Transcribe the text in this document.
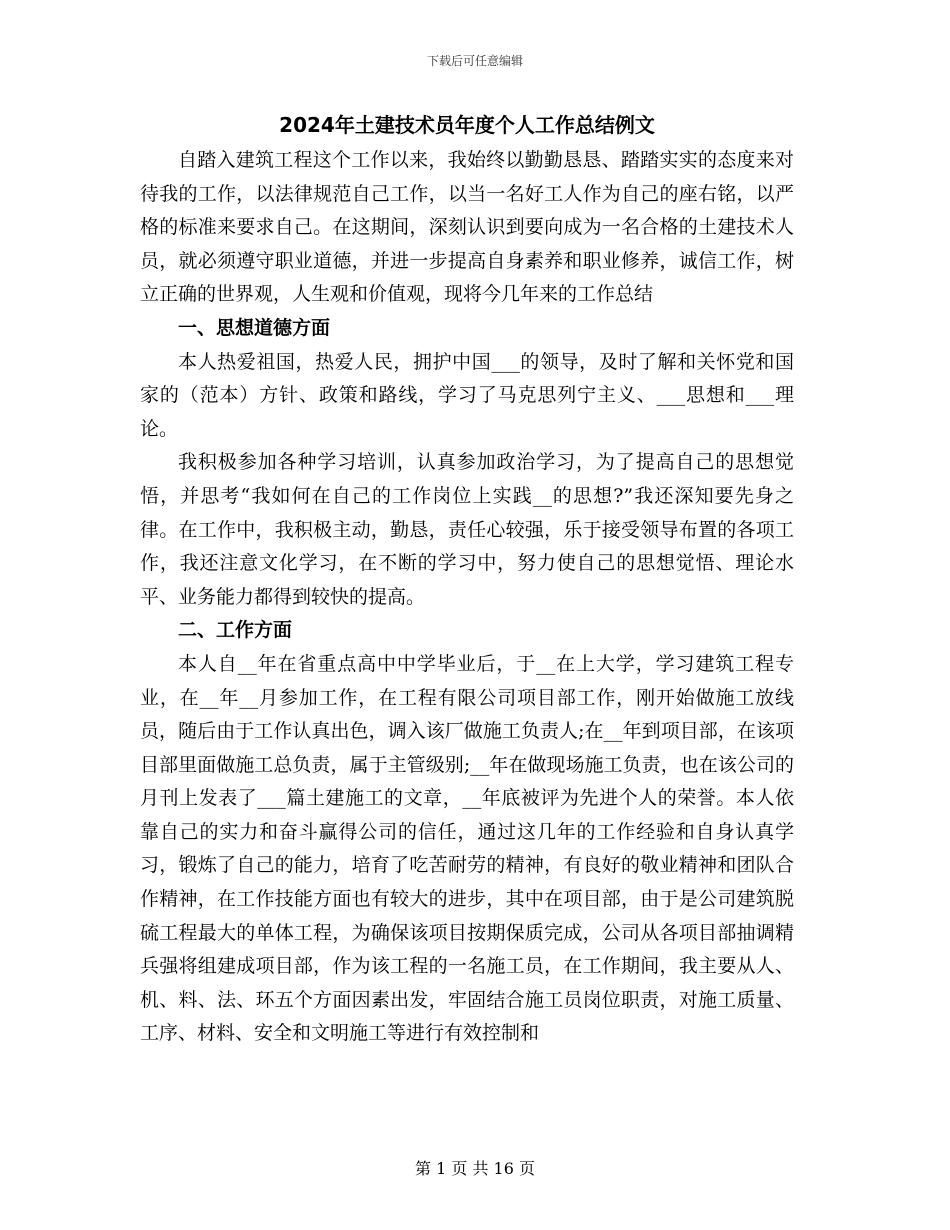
下载后可任意编辑
2024年土建技术员年度个人工作总结例文

自踏入建筑工程这个工作以来，我始终以勤勤恳恳、踏踏实实的态度来对待我的工作，以法律规范自己工作，以当一名好工人作为自己的座右铭，以严格的标准来要求自己。在这期间，深刻认识到要向成为一名合格的土建技术人员，就必须遵守职业道德，并进一步提高自身素养和职业修养，诚信工作，树立正确的世界观，人生观和价值观，现将今几年来的工作总结

一、思想道德方面

本人热爱祖国，热爱人民，拥护中国___的领导，及时了解和关怀党和国家的（范本）方针、政策和路线，学习了马克思列宁主义、___思想和___理论。

我积极参加各种学习培训，认真参加政治学习，为了提高自己的思想觉悟，并思考“我如何在自己的工作岗位上实践__的思想?”我还深知要先身之律。在工作中，我积极主动，勤恳，责任心较强，乐于接受领导布置的各项工作，我还注意文化学习，在不断的学习中，努力使自己的思想觉悟、理论水平、业务能力都得到较快的提高。

二、工作方面

本人自__年在省重点高中中学毕业后，于__在上大学，学习建筑工程专业，在__年__月参加工作，在工程有限公司项目部工作，刚开始做施工放线员，随后由于工作认真出色，调入该厂做施工负责人;在__年到项目部，在该项目部里面做施工总负责，属于主管级别;__年在做现场施工负责，也在该公司的月刊上发表了___篇土建施工的文章，__年底被评为先进个人的荣誉。本人依靠自己的实力和奋斗赢得公司的信任，通过这几年的工作经验和自身认真学习，锻炼了自己的能力，培育了吃苦耐劳的精神，有良好的敬业精神和团队合作精神，在工作技能方面也有较大的进步，其中在项目部，由于是公司建筑脱硫工程最大的单体工程，为确保该项目按期保质完成，公司从各项目部抽调精兵强将组建成项目部，作为该工程的一名施工员，在工作期间，我主要从人、机、料、法、环五个方面因素出发，牢固结合施工员岗位职责，对施工质量、工序、材料、安全和文明施工等进行有效控制和

第 1 页 共 16 页
